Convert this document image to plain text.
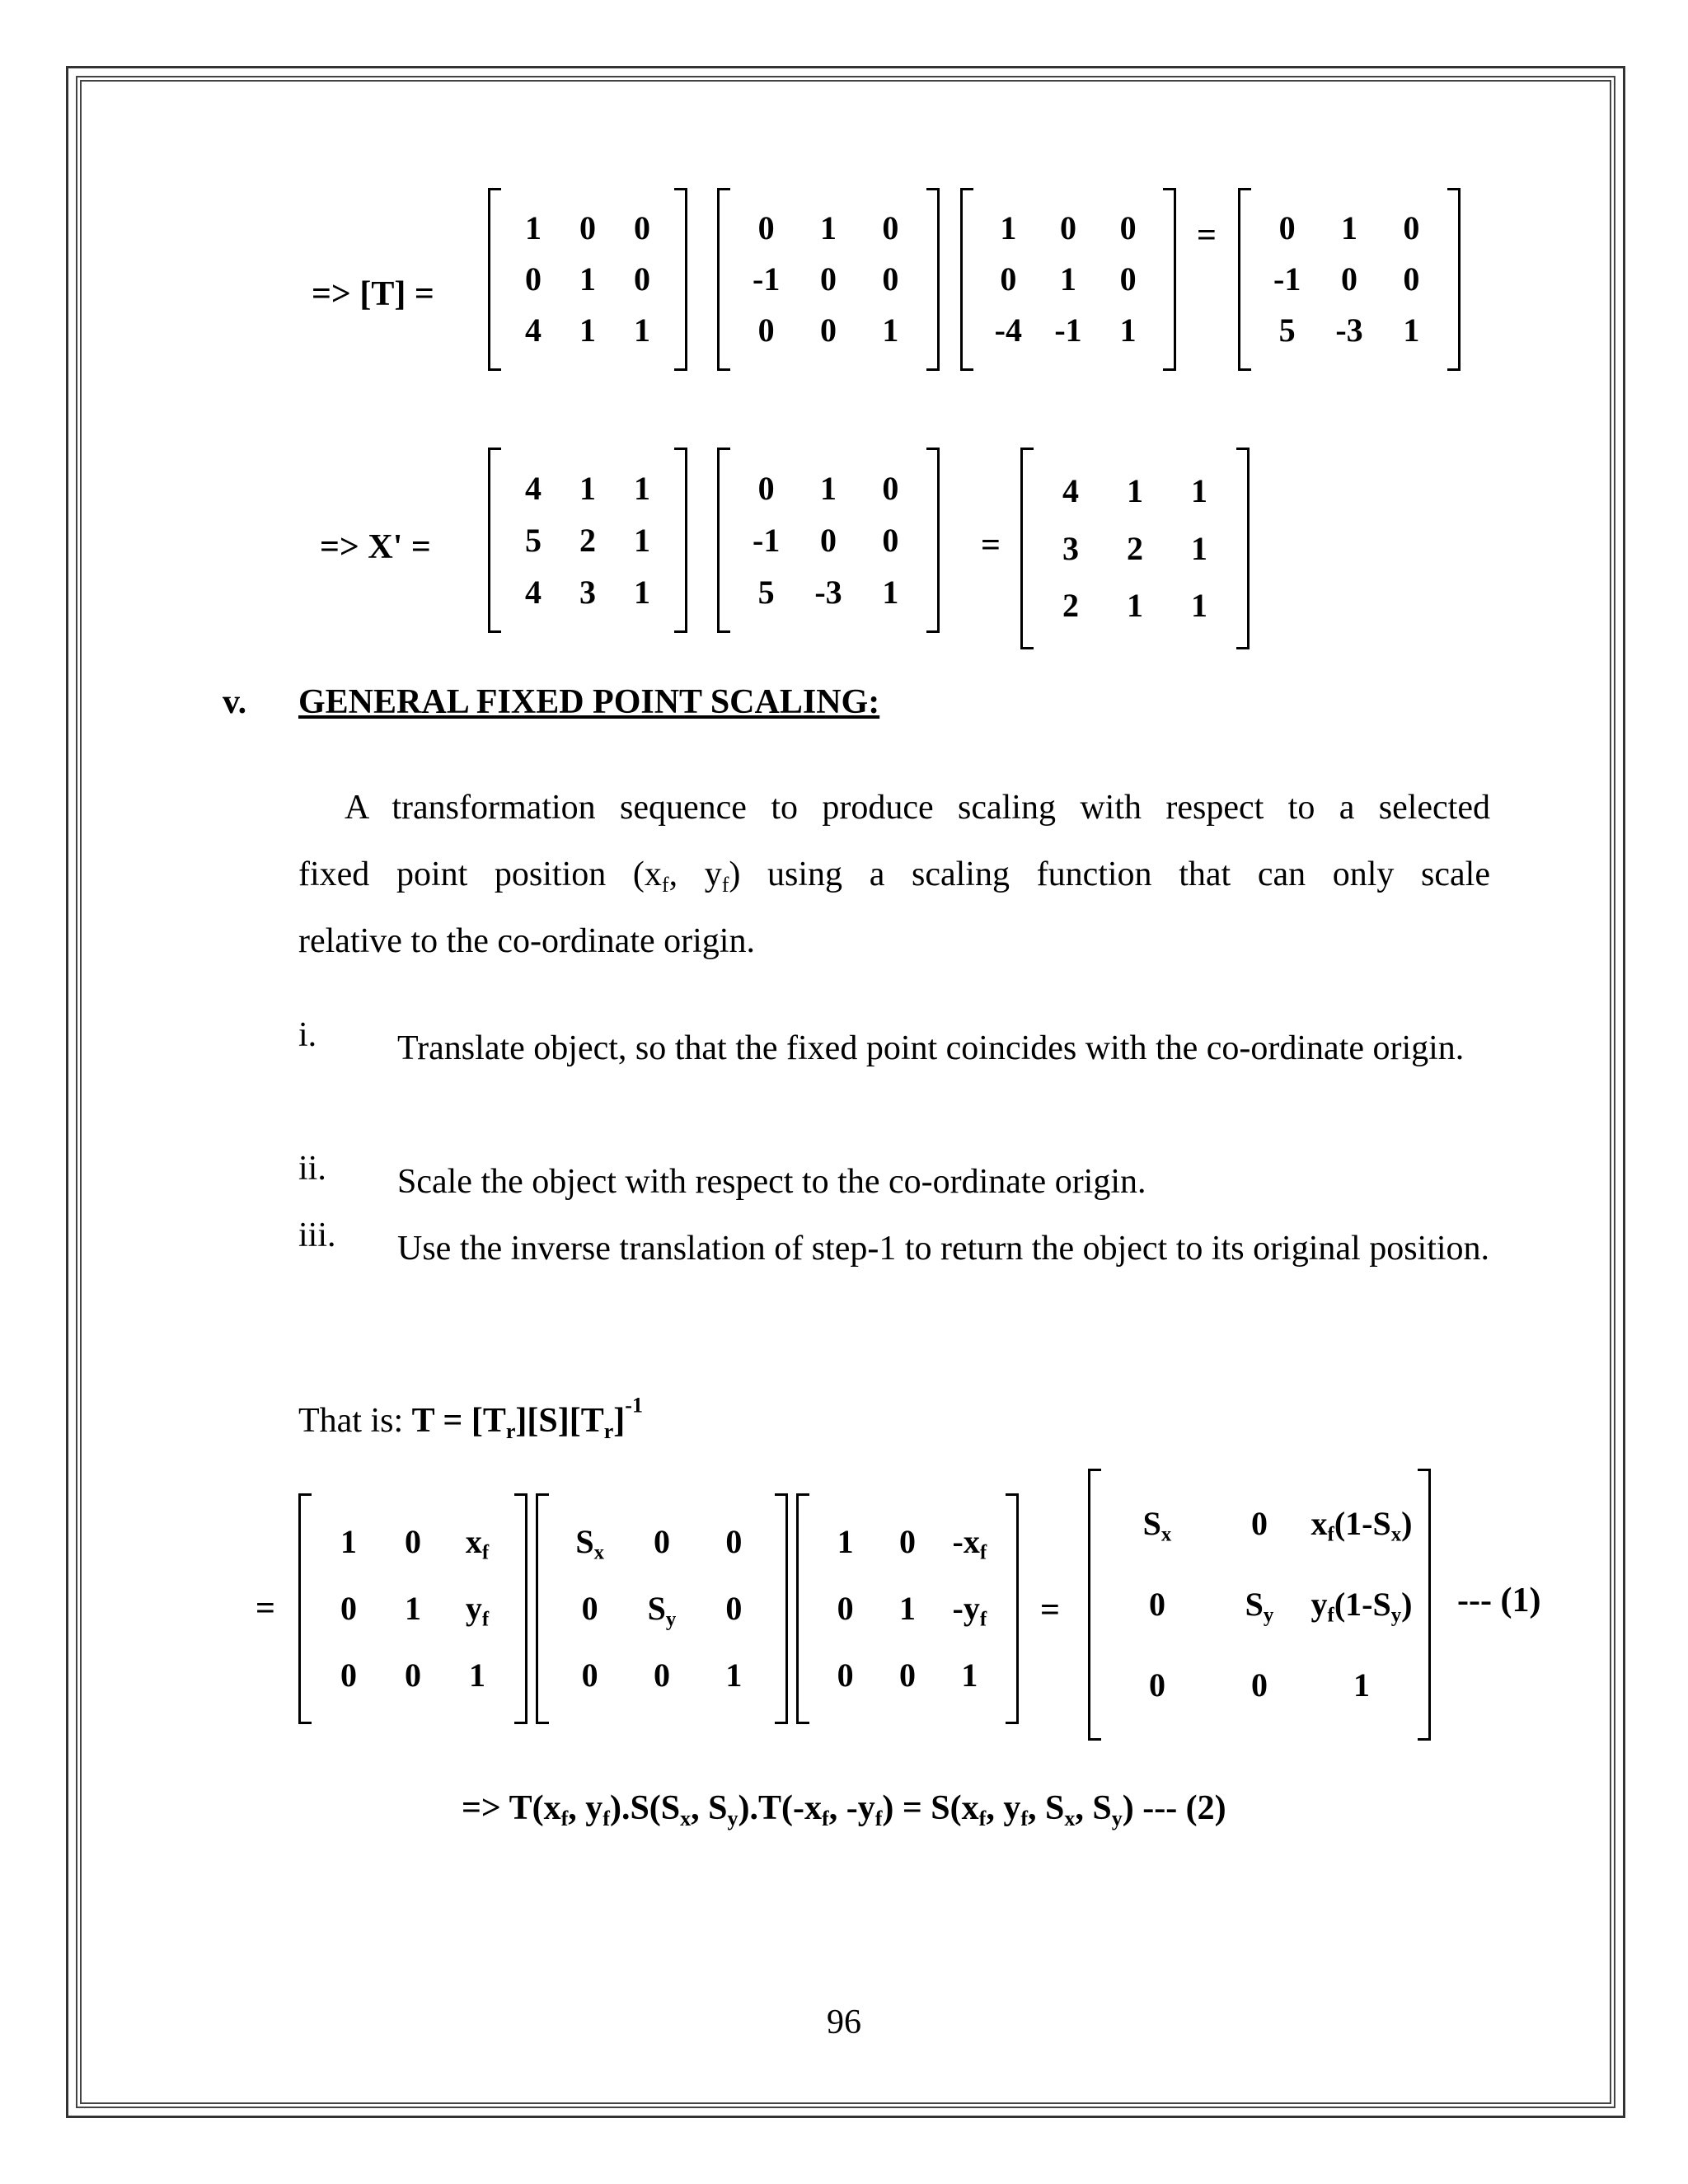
=> [T] =
1	0	0
0	1	0
4	1	1
0	1	0
-1	0	0
0	0	1
1	0	0
0	1	0
-4 -1	1
=	0	1	0
-1	0	0
5	-3	1
=> X' =
4	1	1
5	2	1
4	3	1
0	1	0
-1	0	0
5	-3	1
=
4	1	1
3	2	1
2	1	1
v. GENERAL FIXED POINT SCALING:
A transformation sequence to produce scaling with respect to a selected
fixed point position ($x_f$, $y_f$) using a scaling function that can only scale
relative to the co-ordinate origin.
i. Translate object, so that the fixed point coincides with the co-ordinate origin.
ii. Scale the object with respect to the co-ordinate origin.
iii. Use the inverse translation of step-1 to return the object to its original position.
That is: $T = [T_r][S][T_r]^{-1}$
=
1	0	$x_f$
0	1	$y_f$
0	0	1
$S_x$	0	0
0	$S_y$	0
0	0	1
1	0	$-x_f$
0	1	$-y_f$
0	0	1
=
$S_x$	0	$x_f(1-S_x)$
0	$S_y$	$y_f(1-S_y)$
0	0	1
--- (1)
=> $T(x_f$, $y_f).S(S_x$, $S_y).T(-x_f$, $-y_f) = S(x_f$, $y_f$, $S_x$, $S_y$) --- (2)
96
